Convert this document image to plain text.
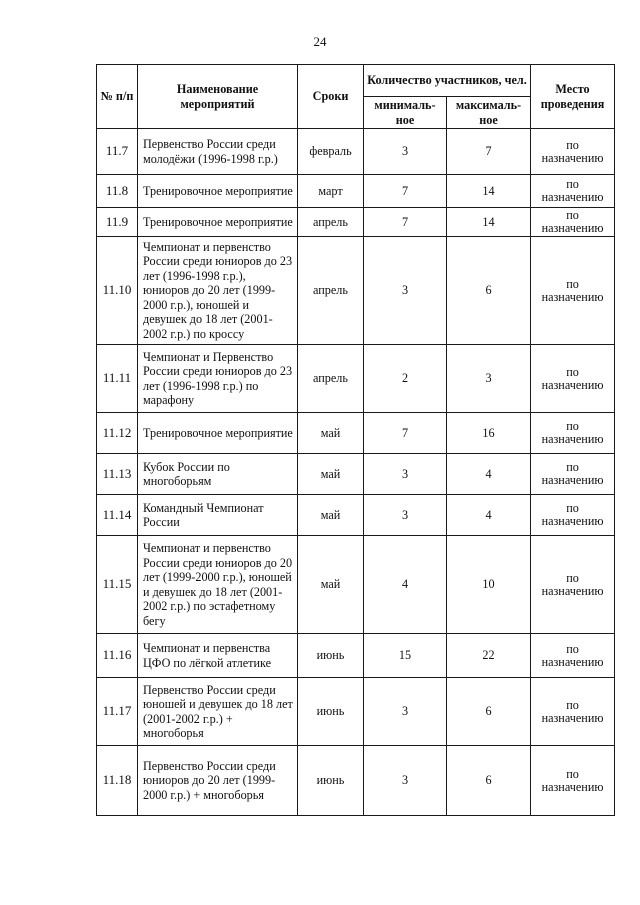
24
№ п/п	Наименование мероприятий	Сроки	Количество участников, чел.		Место проведения
			минималь-ное	максималь-ное	
11.7	Первенство России среди молодёжи (1996-1998 г.р.)	февраль	3	7	по назначению
11.8	Тренировочное мероприятие	март	7	14	по назначению
11.9	Тренировочное мероприятие	апрель	7	14	по назначению
11.10	Чемпионат и первенство России среди юниоров до 23 лет (1996-1998 г.р.), юниоров до 20 лет (1999-2000 г.р.), юношей и девушек до 18 лет (2001-2002 г.р.) по кроссу	апрель	3	6	по назначению
11.11	Чемпионат и Первенство России среди юниоров до 23 лет (1996-1998 г.р.) по марафону	апрель	2	3	по назначению
11.12	Тренировочное мероприятие	май	7	16	по назначению
11.13	Кубок России по многоборьям	май	3	4	по назначению
11.14	Командный Чемпионат России	май	3	4	по назначению
11.15	Чемпионат и первенство России среди юниоров до 20 лет (1999-2000 г.р.), юношей и девушек до 18 лет (2001-2002 г.р.) по эстафетному бегу	май	4	10	по назначению
11.16	Чемпионат и первенства ЦФО по лёгкой атлетике	июнь	15	22	по назначению
11.17	Первенство России среди юношей и девушек до 18 лет (2001-2002 г.р.) + многоборья	июнь	3	6	по назначению
11.18	Первенство России среди юниоров до 20 лет (1999-2000 г.р.) + многоборья	июнь	3	6	по назначению
